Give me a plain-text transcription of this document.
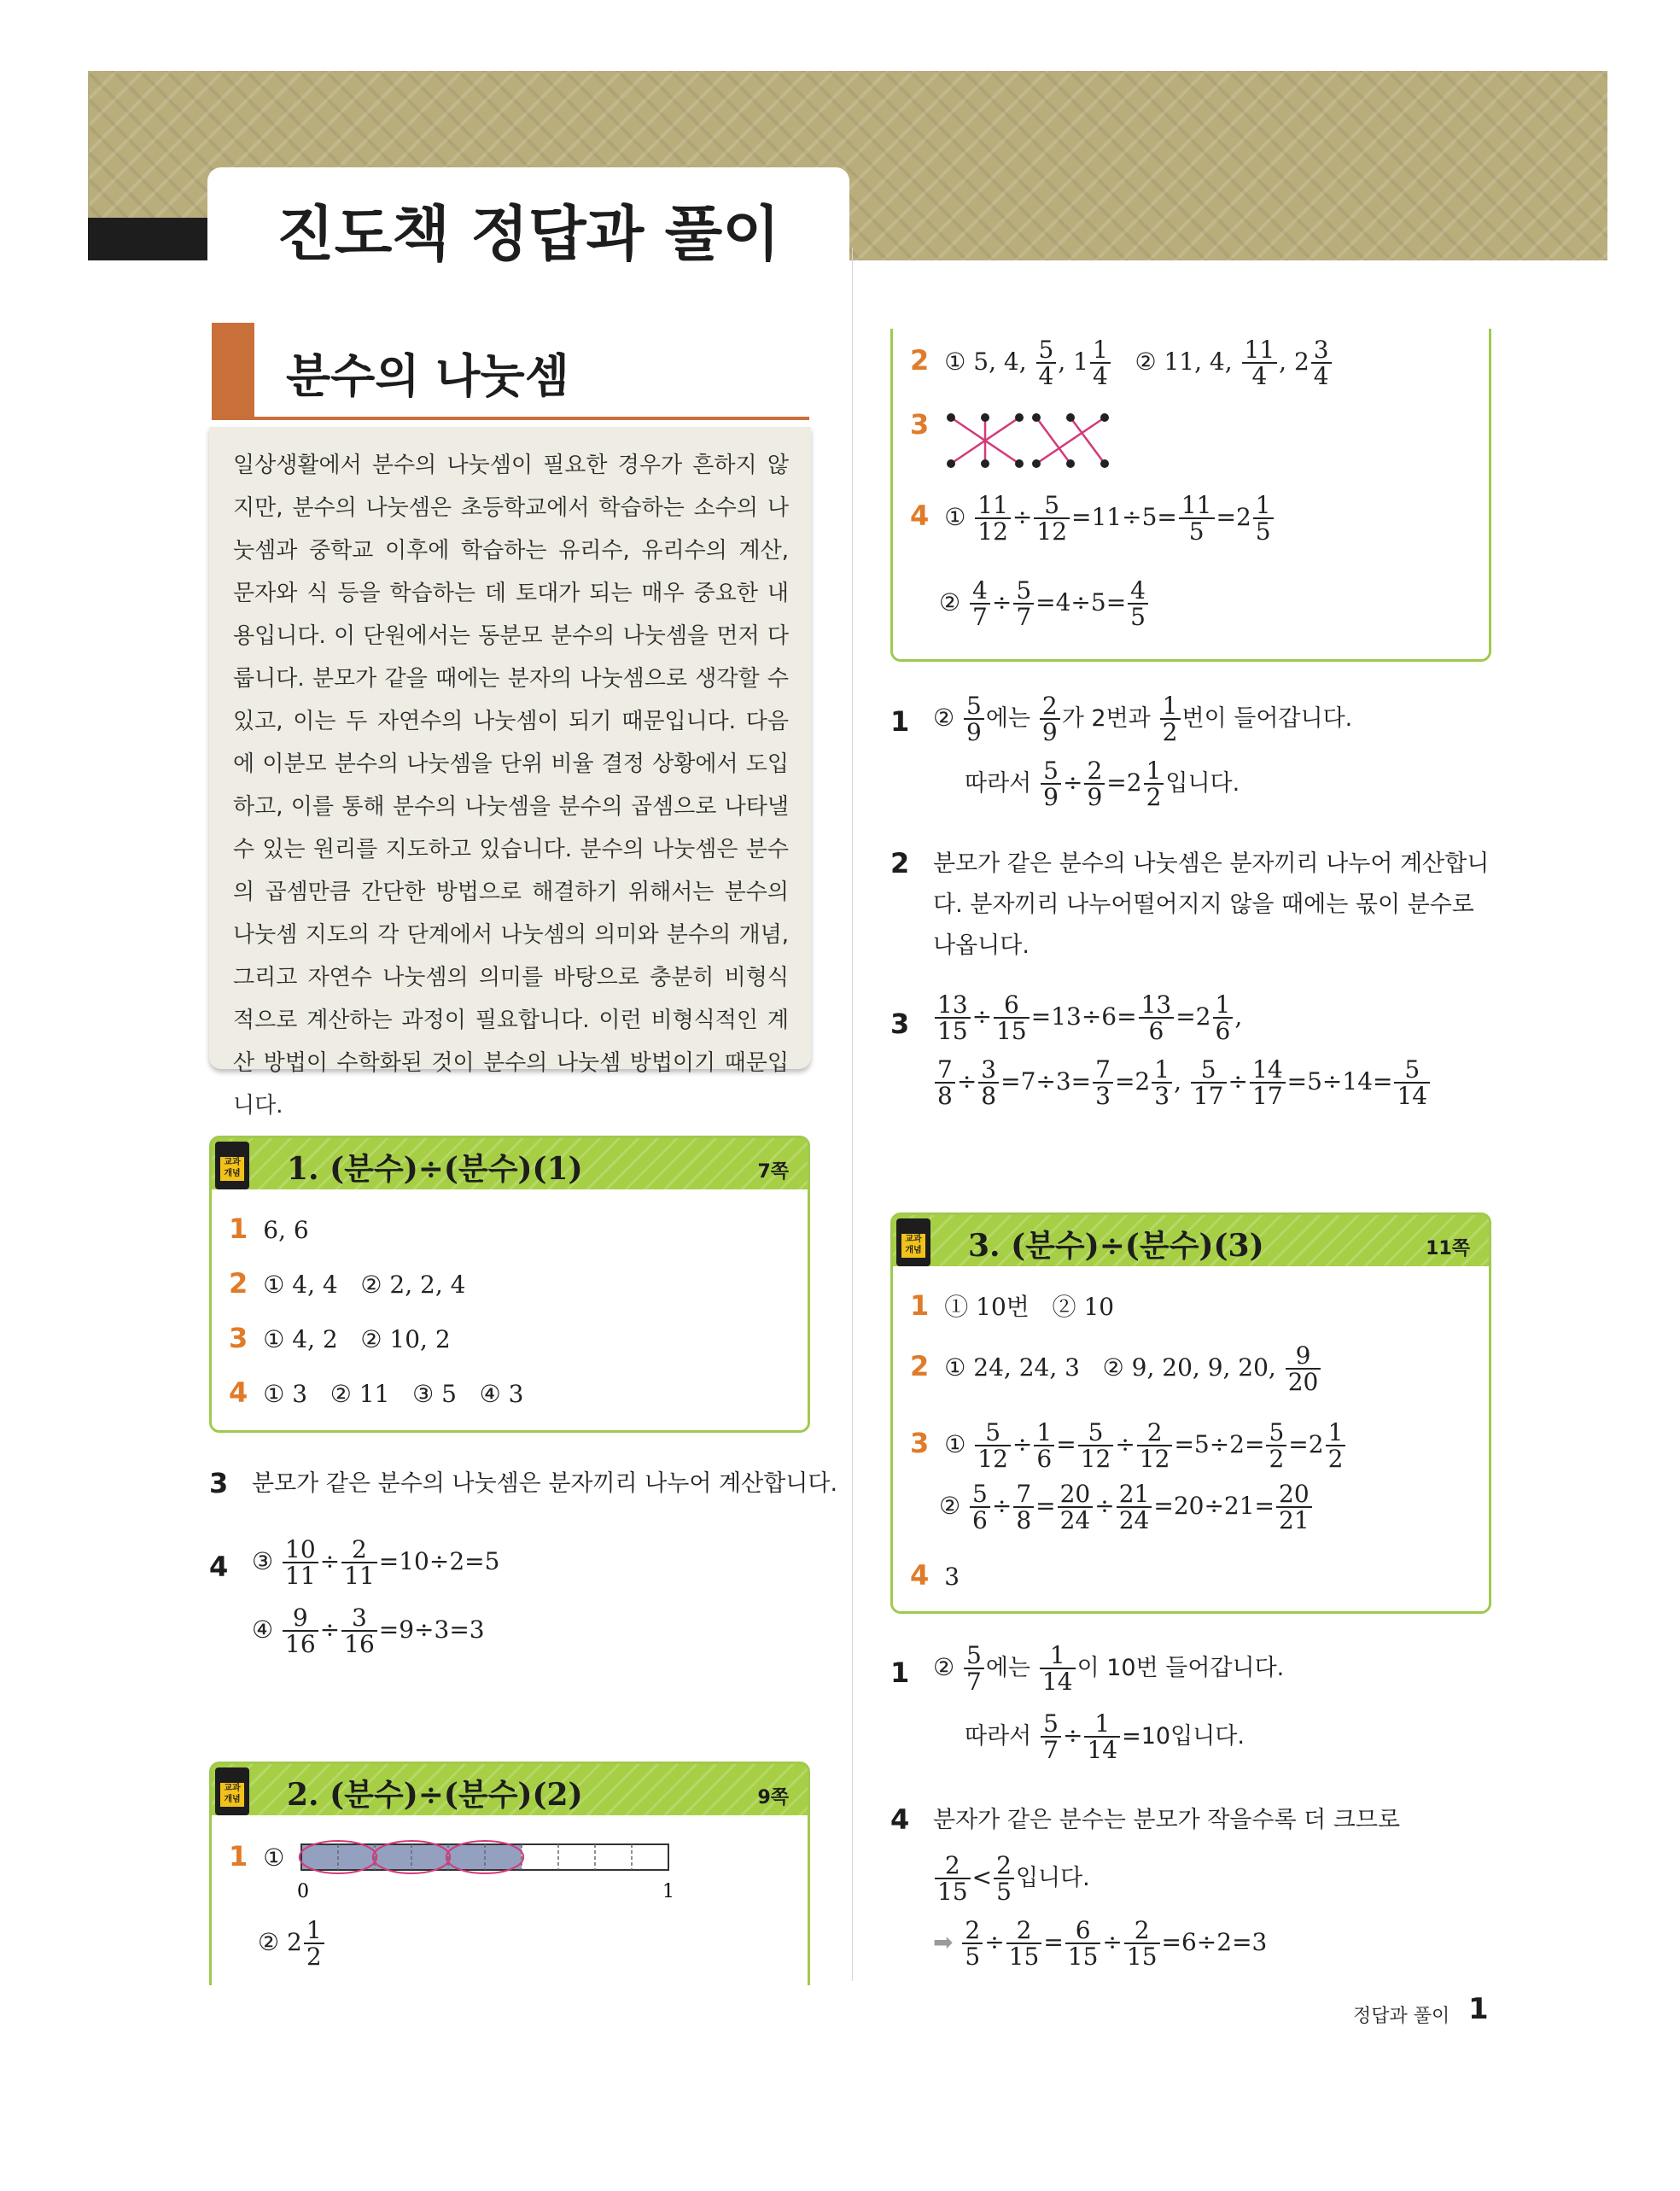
진도책 정답과 풀이
1
분수의 나눗셈
일상생활에서 분수의 나눗셈이 필요한 경우가 흔하지 않지만, 분수의 나눗셈은 초등학교에서 학습하는 소수의 나눗셈과 중학교 이후에 학습하는 유리수, 유리수의 계산, 문자와 식 등을 학습하는 데 토대가 되는 매우 중요한 내용입니다. 이 단원에서는 동분모 분수의 나눗셈을 먼저 다룹니다. 분모가 같을 때에는 분자의 나눗셈으로 생각할 수 있고, 이는 두 자연수의 나눗셈이 되기 때문입니다. 다음에 이분모 분수의 나눗셈을 단위 비율 결정 상황에서 도입하고, 이를 통해 분수의 나눗셈을 분수의 곱셈으로 나타낼 수 있는 원리를 지도하고 있습니다. 분수의 나눗셈은 분수의 곱셈만큼 간단한 방법으로 해결하기 위해서는 분수의 나눗셈 지도의 각 단계에서 나눗셈의 의미와 분수의 개념, 그리고 자연수 나눗셈의 의미를 바탕으로 충분히 비형식적으로 계산하는 과정이 필요합니다. 이런 비형식적인 계산 방법이 수학화된 것이 분수의 나눗셈 방법이기 때문입니다.
교과 개념 1. (분수)÷(분수)(1)	7쪽
1 6, 6
2 ① 4, 4   ② 2, 2, 4
3 ① 4, 2   ② 10, 2
4 ① 3   ② 11   ③ 5   ④ 3
3 분모가 같은 분수의 나눗셈은 분자끼리 나누어 계산합니다.
4 ③ $\frac{10}{11} \div \frac{2}{11} =10\div 2=5$
④ $\frac{9}{16} \div \frac{3}{16} =9\div 3=3$
교과 개념 2. (분수)÷(분수)(2)	9쪽
1 ①
0	1
② $2 \frac{1}{2}$
2 ① 5, 4, $\frac{5}{4}$ , $1 \frac{1}{4}$ ② 11, 4, $\frac{11}{4}$ , $2 \frac{3}{4}$
3
4 ① $\frac{11}{12} \div \frac{5}{12} =11\div 5= \frac{11}{5} =2 \frac{1}{5}$
② $\frac{4}{7} \div \frac{5}{7} =4\div 5= \frac{4}{5}$
1 ② $\frac{5}{9}$ 에는 $\frac{2}{9}$ 가 2번과 $\frac{1}{2}$ 번이 들어갑니다.
따라서 $\frac{5}{9} \div \frac{2}{9} =2 \frac{1}{2}$ 입니다.
2 분모가 같은 분수의 나눗셈은 분자끼리 나누어 계산합니
다. 분자끼리 나누어떨어지지 않을 때에는 몫이 분수로
나옵니다.
$3 \frac{13}{15} \div \frac{6}{15} =13\div 6= \frac{13}{6} =2 \frac{1}{6}$ ,
$\frac{7}{8} \div \frac{3}{8} =7\div 3= \frac{7}{3} =2 \frac{1}{3}$ , $\frac{5}{17} \div \frac{14}{17} =5\div 14= \frac{5}{14}$
교과 개념 3. (분수)÷(분수)(3)	11쪽
1 ① 10번   ② 10
2 ① 24, 24, 3   ② 9, 20, 9, 20, $\frac{9}{20}$
3 ① $\frac{5}{12} \div \frac{1}{6} = \frac{5}{12} \div \frac{2}{12} =5\div 2= \frac{5}{2} =2 \frac{1}{2}$
② $\frac{5}{6} \div \frac{7}{8} = \frac{20}{24} \div \frac{21}{24} =20\div 21= \frac{20}{21}$
4 3
1 ② $\frac{5}{7}$ 에는 $\frac{1}{14}$ 이 10번 들어갑니다.
따라서 $\frac{5}{7} \div \frac{1}{14} =10$입니다.
4 분자가 같은 분수는 분모가 작을수록 더 크므로
$\frac{2}{15} < \frac{2}{5}$ 입니다.
➡ $\frac{2}{5} \div \frac{2}{15} = \frac{6}{15} \div \frac{2}{15} =6\div 2=3$
정답과 풀이 1
